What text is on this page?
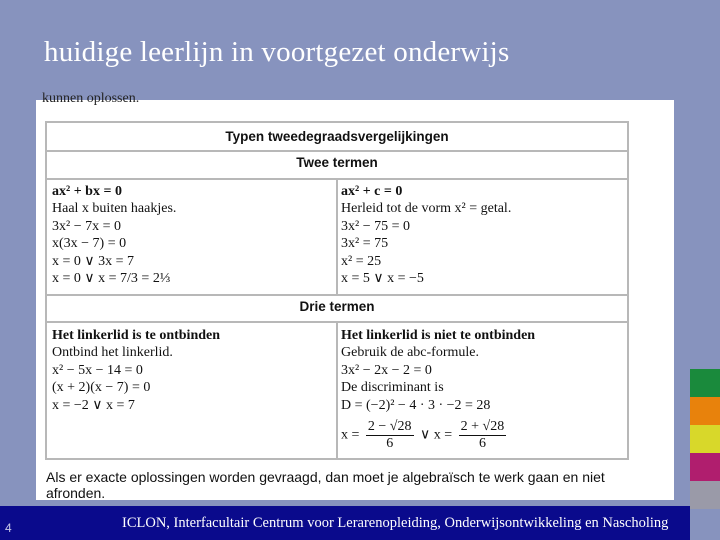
huidige leerlijn in voortgezet onderwijs
kunnen oplossen.
Typen tweedegraadsvergelijkingen
Twee termen
Drie termen
ax² + bx = 0
Haal x buiten haakjes.
3x² − 7x = 0
x(3x − 7) = 0
x = 0 ∨ 3x = 7
x = 0 ∨ x = 7/3 = 2⅓
ax² + c = 0
Herleid tot de vorm x² = getal.
3x² − 75 = 0
3x² = 75
x² = 25
x = 5 ∨ x = −5
Het linkerlid is te ontbinden
Ontbind het linkerlid.
x² − 5x − 14 = 0
(x + 2)(x − 7) = 0
x = −2 ∨ x = 7
Het linkerlid is niet te ontbinden
Gebruik de abc-formule.
3x² − 2x − 2 = 0
De discriminant is
D = (−2)² − 4 · 3 · −2 = 28
$x = \frac{2 - √28}{6}$ ∨ $x = \frac{2 + √28}{6}$
Als er exacte oplossingen worden gevraagd, dan moet je algebraïsch te werk gaan en niet afronden.
4	ICLON, Interfacultair Centrum voor Lerarenopleiding, Onderwijsontwikkeling en Nascholing
